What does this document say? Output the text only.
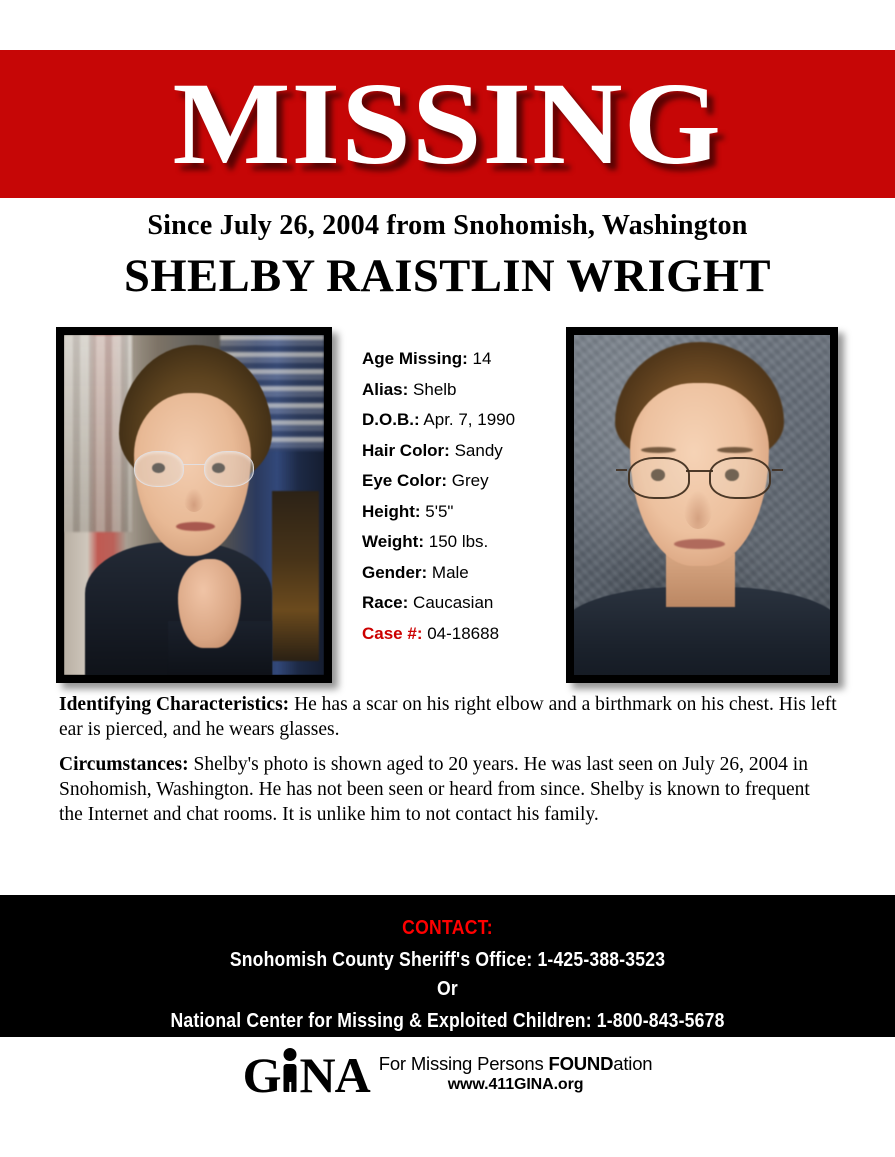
MISSING
Since July 26, 2004 from Snohomish, Washington
SHELBY RAISTLIN WRIGHT
Age Missing: 14
Alias: Shelb
D.O.B.: Apr. 7, 1990
Hair Color: Sandy
Eye Color: Grey
Height: 5'5"
Weight: 150 lbs.
Gender: Male
Race: Caucasian
Case #: 04-18688

Identifying Characteristics: He has a scar on his right elbow and a birthmark on his chest. His left ear is pierced, and he wears glasses.

Circumstances: Shelby's photo is shown aged to 20 years. He was last seen on July 26, 2004 in Snohomish, Washington. He has not been seen or heard from since. Shelby is known to frequent the Internet and chat rooms. It is unlike him to not contact his family.

CONTACT:
Snohomish County Sheriff's Office: 1-425-388-3523
Or
National Center for Missing & Exploited Children: 1-800-843-5678
G NA For Missing Persons FOUNDation
www.411GINA.org
